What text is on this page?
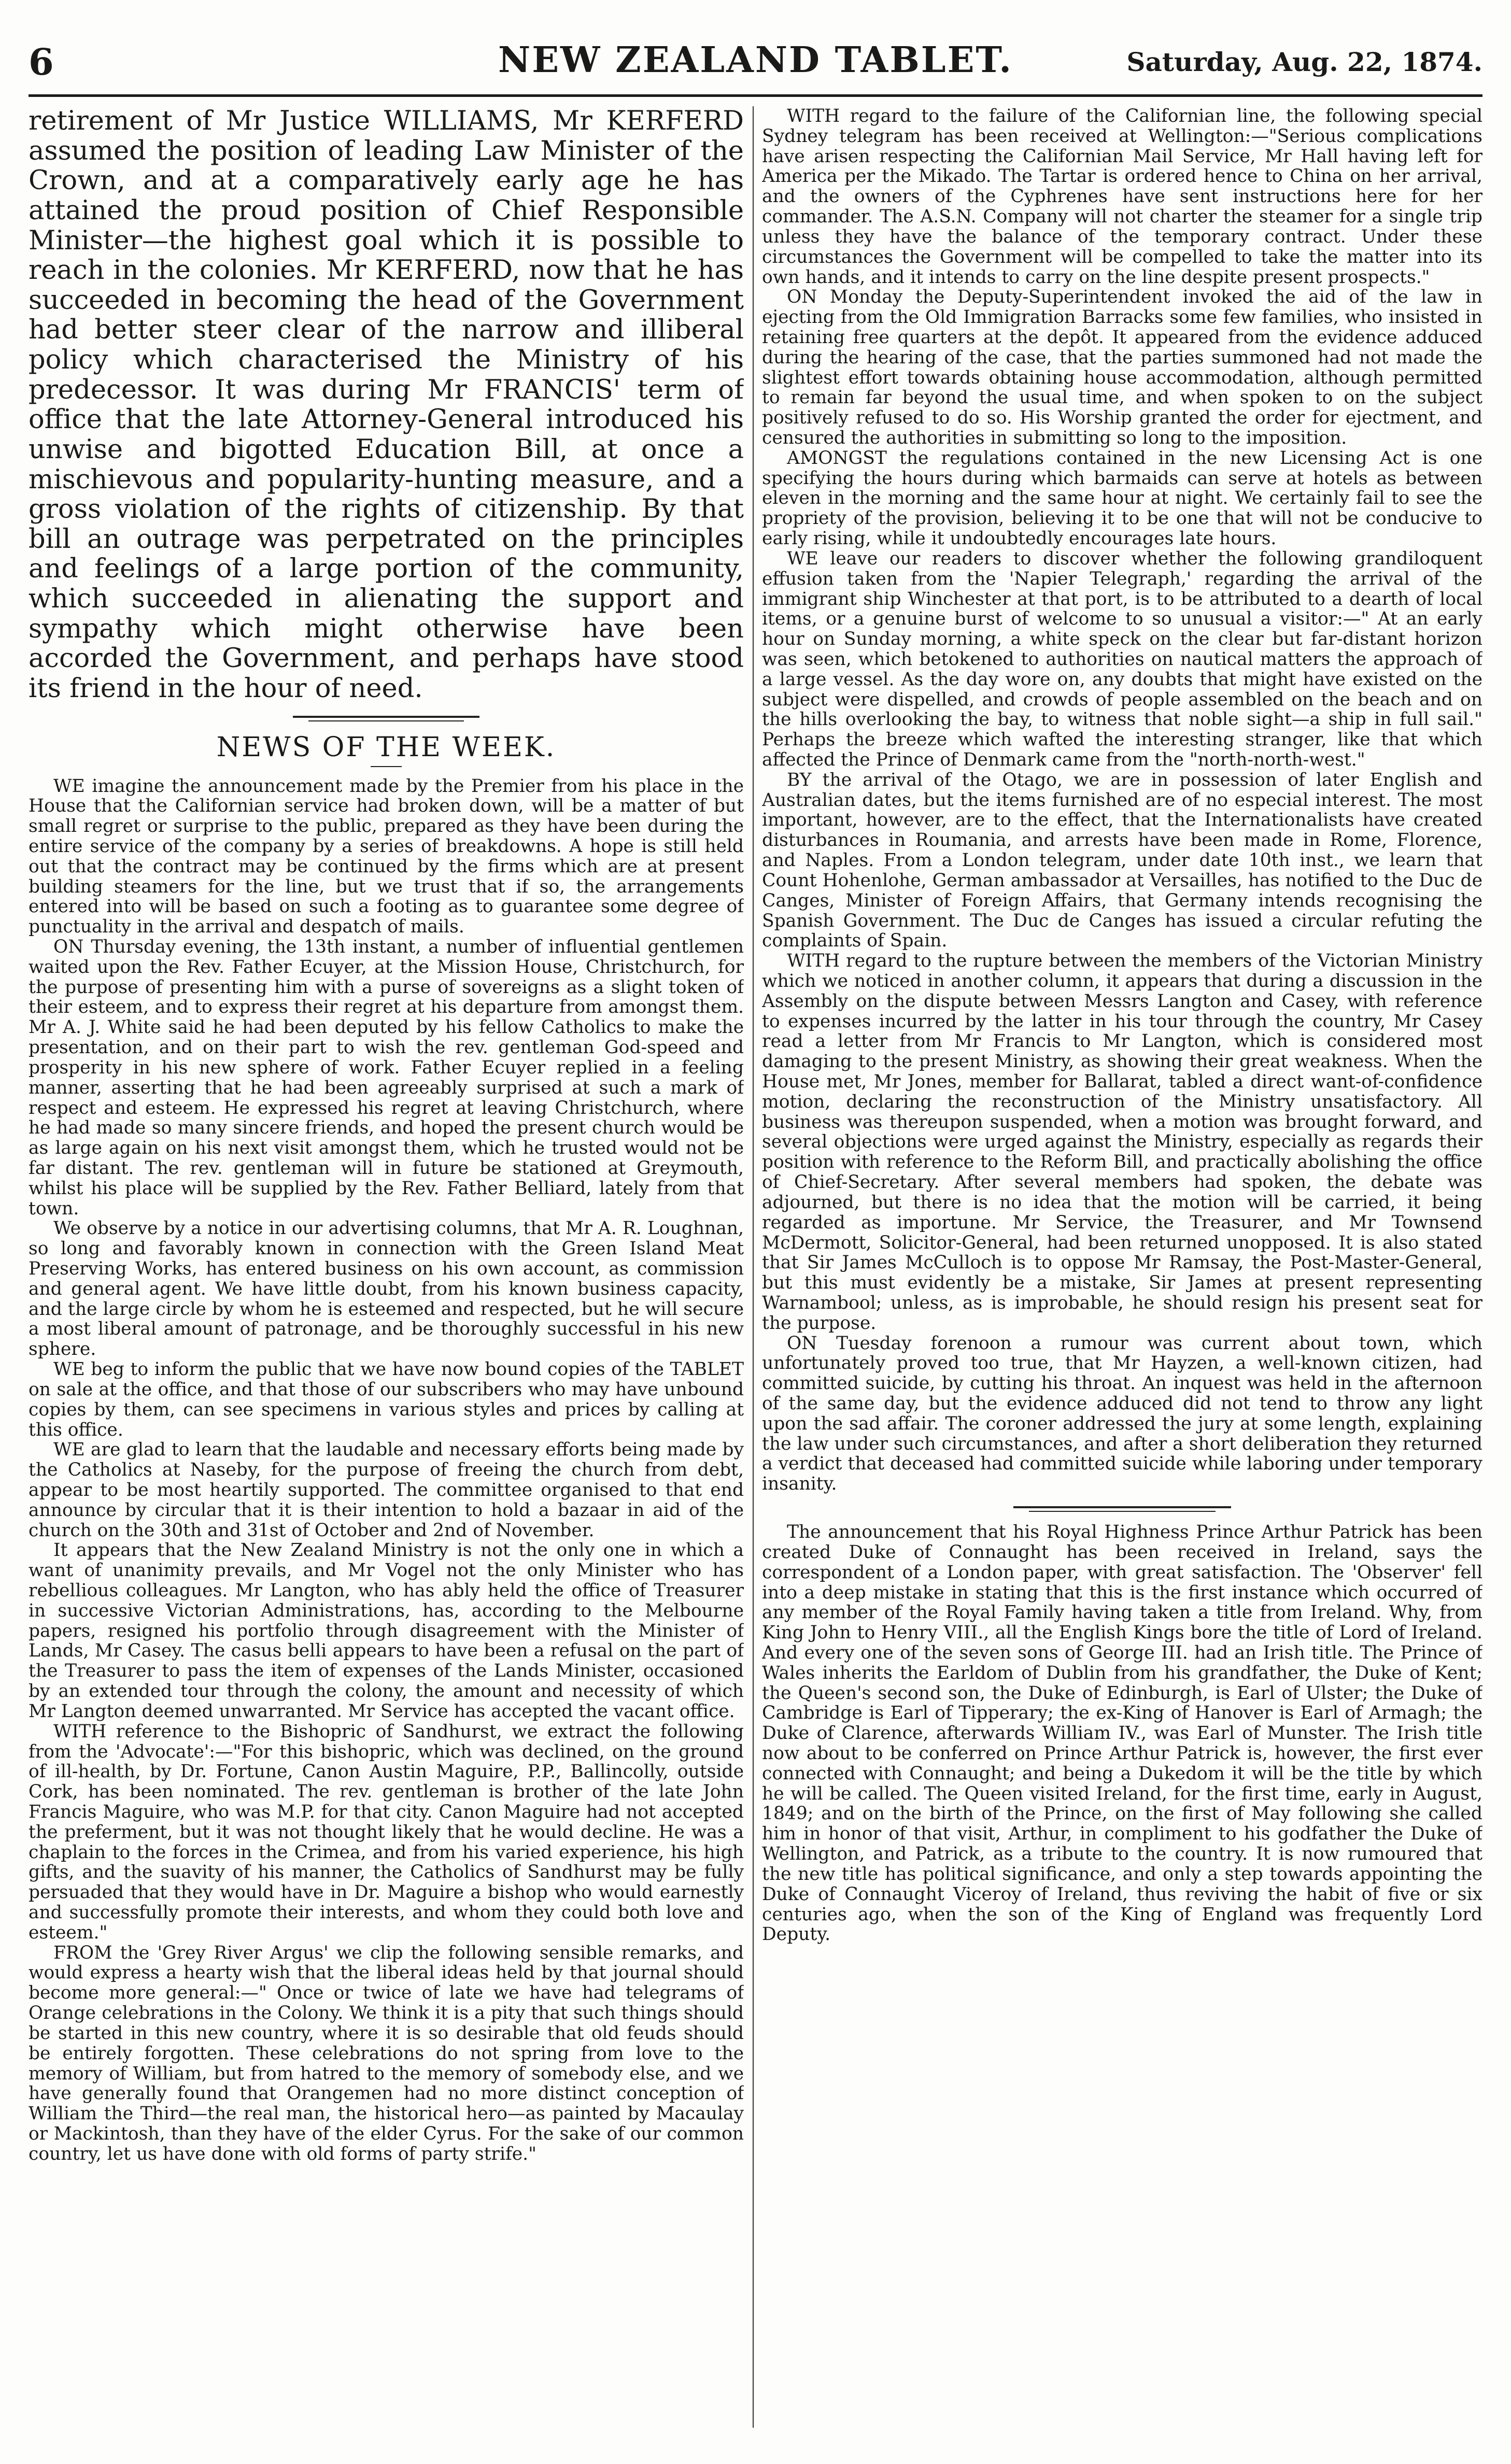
6	NEW ZEALAND TABLET.	Saturday, Aug. 22, 1874.

retirement of Mr Justice WILLIAMS, Mr KERFERD assumed the position of leading Law Minister of the Crown, and at a comparatively early age he has attained the proud position of Chief Responsible Minister—the highest goal which it is possible to reach in the colonies. Mr KERFERD, now that he has succeeded in becoming the head of the Government had better steer clear of the narrow and illiberal policy which characterised the Ministry of his predecessor. It was during Mr FRANCIS' term of office that the late Attorney-General introduced his unwise and bigotted Education Bill, at once a mischievous and popularity-hunting measure, and a gross violation of the rights of citizenship. By that bill an outrage was perpetrated on the principles and feelings of a large portion of the community, which succeeded in alienating the support and sympathy which might otherwise have been accorded the Government, and perhaps have stood its friend in the hour of need.

NEWS OF THE WEEK.

WE imagine the announcement made by the Premier from his place in the House that the Californian service had broken down, will be a matter of but small regret or surprise to the public, prepared as they have been during the entire service of the company by a series of breakdowns. A hope is still held out that the contract may be continued by the firms which are at present building steamers for the line, but we trust that if so, the arrangements entered into will be based on such a footing as to guarantee some degree of punctuality in the arrival and despatch of mails.

ON Thursday evening, the 13th instant, a number of influential gentlemen waited upon the Rev. Father Ecuyer, at the Mission House, Christchurch, for the purpose of presenting him with a purse of sovereigns as a slight token of their esteem, and to express their regret at his departure from amongst them. Mr A. J. White said he had been deputed by his fellow Catholics to make the presentation, and on their part to wish the rev. gentleman God-speed and prosperity in his new sphere of work. Father Ecuyer replied in a feeling manner, asserting that he had been agreeably surprised at such a mark of respect and esteem. He expressed his regret at leaving Christchurch, where he had made so many sincere friends, and hoped the present church would be as large again on his next visit amongst them, which he trusted would not be far distant. The rev. gentleman will in future be stationed at Greymouth, whilst his place will be supplied by the Rev. Father Belliard, lately from that town.

We observe by a notice in our advertising columns, that Mr A. R. Loughnan, so long and favorably known in connection with the Green Island Meat Preserving Works, has entered business on his own account, as commission and general agent. We have little doubt, from his known business capacity, and the large circle by whom he is esteemed and respected, but he will secure a most liberal amount of patronage, and be thoroughly successful in his new sphere.

WE beg to inform the public that we have now bound copies of the TABLET on sale at the office, and that those of our subscribers who may have unbound copies by them, can see specimens in various styles and prices by calling at this office.

WE are glad to learn that the laudable and necessary efforts being made by the Catholics at Naseby, for the purpose of freeing the church from debt, appear to be most heartily supported. The committee organised to that end announce by circular that it is their intention to hold a bazaar in aid of the church on the 30th and 31st of October and 2nd of November.

It appears that the New Zealand Ministry is not the only one in which a want of unanimity prevails, and Mr Vogel not the only Minister who has rebellious colleagues. Mr Langton, who has ably held the office of Treasurer in successive Victorian Administrations, has, according to the Melbourne papers, resigned his portfolio through disagreement with the Minister of Lands, Mr Casey. The casus belli appears to have been a refusal on the part of the Treasurer to pass the item of expenses of the Lands Minister, occasioned by an extended tour through the colony, the amount and necessity of which Mr Langton deemed unwarranted. Mr Service has accepted the vacant office.

WITH reference to the Bishopric of Sandhurst, we extract the following from the 'Advocate':—"For this bishopric, which was declined, on the ground of ill-health, by Dr. Fortune, Canon Austin Maguire, P.P., Ballincolly, outside Cork, has been nominated. The rev. gentleman is brother of the late John Francis Maguire, who was M.P. for that city. Canon Maguire had not accepted the preferment, but it was not thought likely that he would decline. He was a chaplain to the forces in the Crimea, and from his varied experience, his high gifts, and the suavity of his manner, the Catholics of Sandhurst may be fully persuaded that they would have in Dr. Maguire a bishop who would earnestly and successfully promote their interests, and whom they could both love and esteem."

FROM the 'Grey River Argus' we clip the following sensible remarks, and would express a hearty wish that the liberal ideas held by that journal should become more general:—" Once or twice of late we have had telegrams of Orange celebrations in the Colony. We think it is a pity that such things should be started in this new country, where it is so desirable that old feuds should be entirely forgotten. These celebrations do not spring from love to the memory of William, but from hatred to the memory of somebody else, and we have generally found that Orangemen had no more distinct conception of William the Third—the real man, the historical hero—as painted by Macaulay or Mackintosh, than they have of the elder Cyrus. For the sake of our common country, let us have done with old forms of party strife."

WITH regard to the failure of the Californian line, the following special Sydney telegram has been received at Wellington:—"Serious complications have arisen respecting the Californian Mail Service, Mr Hall having left for America per the Mikado. The Tartar is ordered hence to China on her arrival, and the owners of the Cyphrenes have sent instructions here for her commander. The A.S.N. Company will not charter the steamer for a single trip unless they have the balance of the temporary contract. Under these circumstances the Government will be compelled to take the matter into its own hands, and it intends to carry on the line despite present prospects."

ON Monday the Deputy-Superintendent invoked the aid of the law in ejecting from the Old Immigration Barracks some few families, who insisted in retaining free quarters at the depôt. It appeared from the evidence adduced during the hearing of the case, that the parties summoned had not made the slightest effort towards obtaining house accommodation, although permitted to remain far beyond the usual time, and when spoken to on the subject positively refused to do so. His Worship granted the order for ejectment, and censured the authorities in submitting so long to the imposition.

AMONGST the regulations contained in the new Licensing Act is one specifying the hours during which barmaids can serve at hotels as between eleven in the morning and the same hour at night. We certainly fail to see the propriety of the provision, believing it to be one that will not be conducive to early rising, while it undoubtedly encourages late hours.

WE leave our readers to discover whether the following grandiloquent effusion taken from the 'Napier Telegraph,' regarding the arrival of the immigrant ship Winchester at that port, is to be attributed to a dearth of local items, or a genuine burst of welcome to so unusual a visitor:—" At an early hour on Sunday morning, a white speck on the clear but far-distant horizon was seen, which betokened to authorities on nautical matters the approach of a large vessel. As the day wore on, any doubts that might have existed on the subject were dispelled, and crowds of people assembled on the beach and on the hills overlooking the bay, to witness that noble sight—a ship in full sail." Perhaps the breeze which wafted the interesting stranger, like that which affected the Prince of Denmark came from the "north-north-west."

BY the arrival of the Otago, we are in possession of later English and Australian dates, but the items furnished are of no especial interest. The most important, however, are to the effect, that the Internationalists have created disturbances in Roumania, and arrests have been made in Rome, Florence, and Naples. From a London telegram, under date 10th inst., we learn that Count Hohenlohe, German ambassador at Versailles, has notified to the Duc de Canges, Minister of Foreign Affairs, that Germany intends recognising the Spanish Government. The Duc de Canges has issued a circular refuting the complaints of Spain.

WITH regard to the rupture between the members of the Victorian Ministry which we noticed in another column, it appears that during a discussion in the Assembly on the dispute between Messrs Langton and Casey, with reference to expenses incurred by the latter in his tour through the country, Mr Casey read a letter from Mr Francis to Mr Langton, which is considered most damaging to the present Ministry, as showing their great weakness. When the House met, Mr Jones, member for Ballarat, tabled a direct want-of-confidence motion, declaring the reconstruction of the Ministry unsatisfactory. All business was thereupon suspended, when a motion was brought forward, and several objections were urged against the Ministry, especially as regards their position with reference to the Reform Bill, and practically abolishing the office of Chief-Secretary. After several members had spoken, the debate was adjourned, but there is no idea that the motion will be carried, it being regarded as importune. Mr Service, the Treasurer, and Mr Townsend McDermott, Solicitor-General, had been returned unopposed. It is also stated that Sir James McCulloch is to oppose Mr Ramsay, the Post-Master-General, but this must evidently be a mistake, Sir James at present representing Warnambool; unless, as is improbable, he should resign his present seat for the purpose.

ON Tuesday forenoon a rumour was current about town, which unfortunately proved too true, that Mr Hayzen, a well-known citizen, had committed suicide, by cutting his throat. An inquest was held in the afternoon of the same day, but the evidence adduced did not tend to throw any light upon the sad affair. The coroner addressed the jury at some length, explaining the law under such circumstances, and after a short deliberation they returned a verdict that deceased had committed suicide while laboring under temporary insanity.

The announcement that his Royal Highness Prince Arthur Patrick has been created Duke of Connaught has been received in Ireland, says the correspondent of a London paper, with great satisfaction. The 'Observer' fell into a deep mistake in stating that this is the first instance which occurred of any member of the Royal Family having taken a title from Ireland. Why, from King John to Henry VIII., all the English Kings bore the title of Lord of Ireland. And every one of the seven sons of George III. had an Irish title. The Prince of Wales inherits the Earldom of Dublin from his grandfather, the Duke of Kent; the Queen's second son, the Duke of Edinburgh, is Earl of Ulster; the Duke of Cambridge is Earl of Tipperary; the ex-King of Hanover is Earl of Armagh; the Duke of Clarence, afterwards William IV., was Earl of Munster. The Irish title now about to be conferred on Prince Arthur Patrick is, however, the first ever connected with Connaught; and being a Dukedom it will be the title by which he will be called. The Queen visited Ireland, for the first time, early in August, 1849; and on the birth of the Prince, on the first of May following she called him in honor of that visit, Arthur, in compliment to his godfather the Duke of Wellington, and Patrick, as a tribute to the country. It is now rumoured that the new title has political significance, and only a step towards appointing the Duke of Connaught Viceroy of Ireland, thus reviving the habit of five or six centuries ago, when the son of the King of England was frequently Lord Deputy.
